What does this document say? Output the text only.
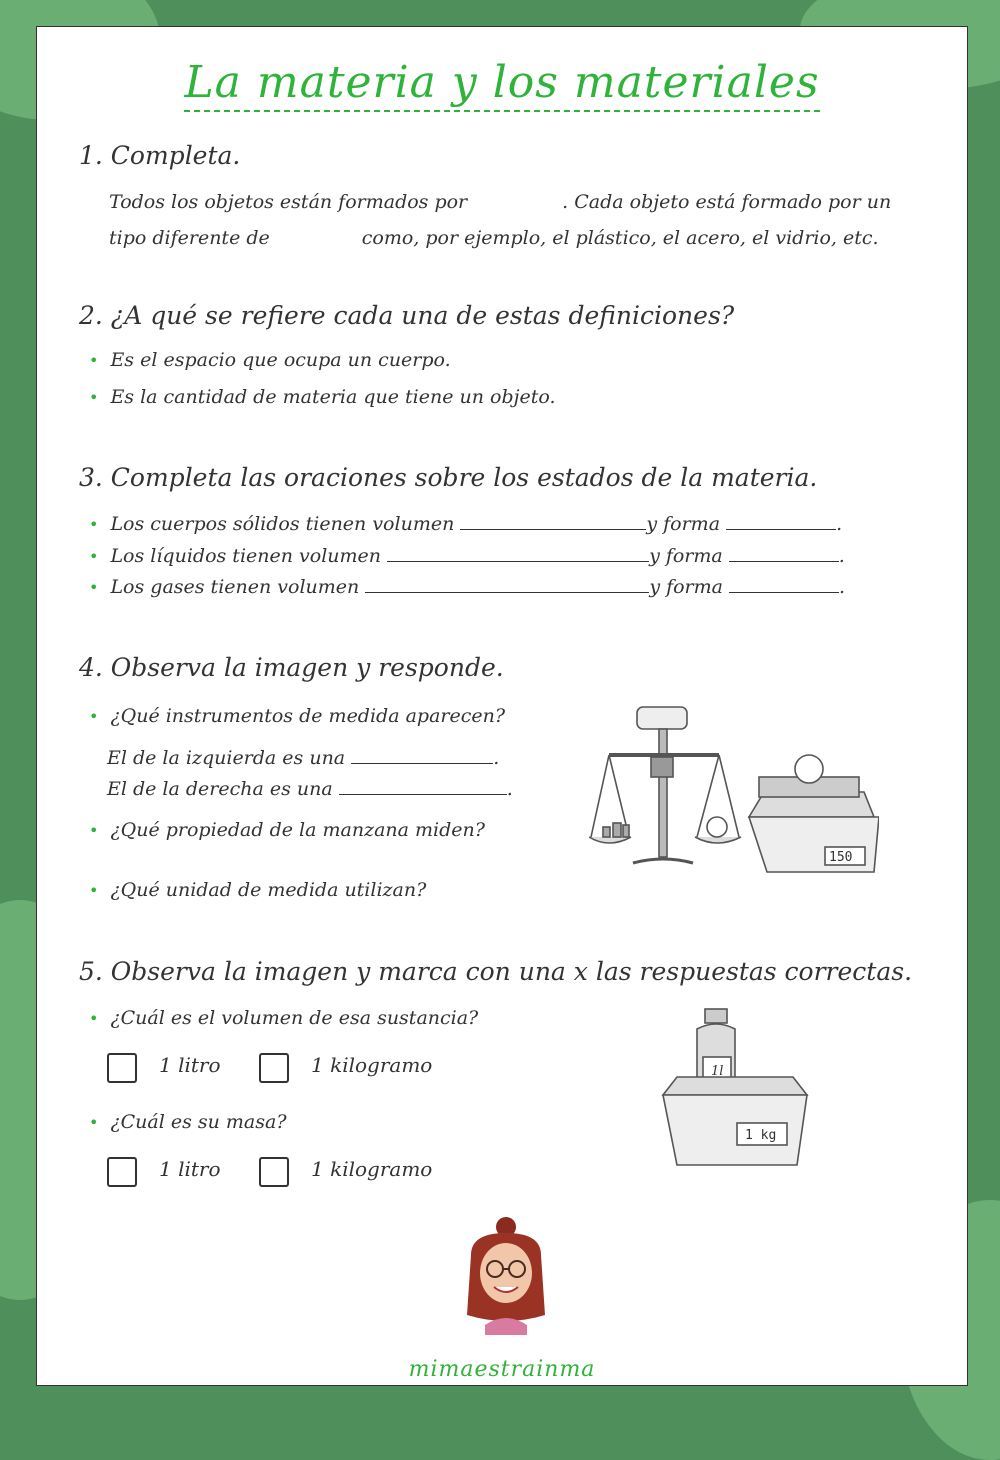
La materia y los materiales
1. Completa.
Todos los objetos están formados por	. Cada objeto está formado por un
tipo diferente de	como, por ejemplo, el plástico, el acero, el vidrio, etc.
2. ¿A qué se refiere cada una de estas definiciones?
• Es el espacio que ocupa un cuerpo.
• Es la cantidad de materia que tiene un objeto.
3. Completa las oraciones sobre los estados de la materia.
• Los cuerpos sólidos tienen volumen	y forma	.
• Los líquidos tienen volumen	y forma	.
• Los gases tienen volumen	y forma	.
4. Observa la imagen y responde.
• ¿Qué instrumentos de medida aparecen?
El de la izquierda es una	.
El de la derecha es una	.
• ¿Qué propiedad de la manzana miden?
• ¿Qué unidad de medida utilizan?
150
5. Observa la imagen y marca con una x las respuestas correctas.
• ¿Cuál es el volumen de esa sustancia?
1 litro	1 kilogramo
• ¿Cuál es su masa?
1 litro	1 kilogramo
1l
1 kg
mimaestrainma
